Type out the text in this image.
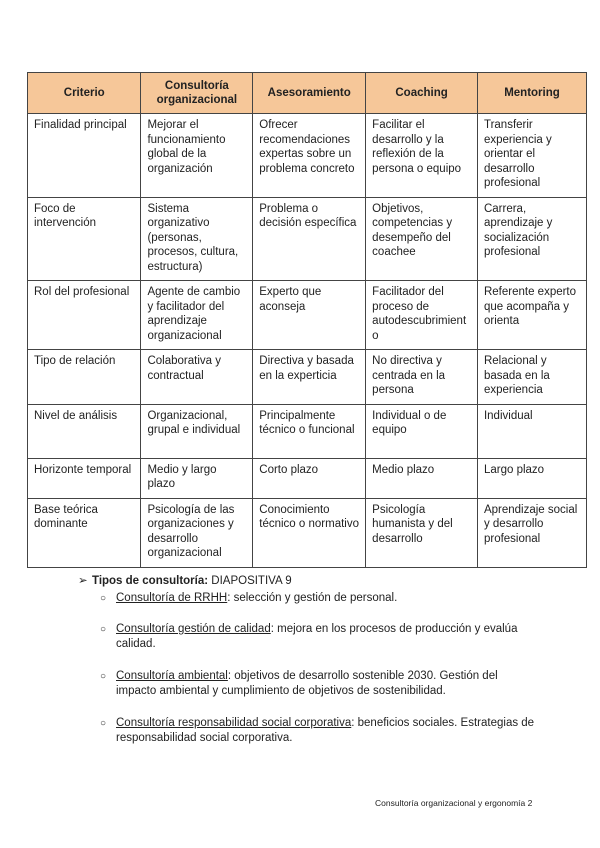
Criterio	Consultoría organizacional	Asesoramiento	Coaching	Mentoring
Finalidad principal	Mejorar el funcionamiento global de la organización	Ofrecer recomendaciones expertas sobre un problema concreto	Facilitar el desarrollo y la reflexión de la persona o equipo	Transferir experiencia y orientar el desarrollo profesional
Foco de intervención	Sistema organizativo (personas, procesos, cultura, estructura)	Problema o decisión específica	Objetivos, competencias y desempeño del coachee	Carrera, aprendizaje y socialización profesional
Rol del profesional	Agente de cambio y facilitador del aprendizaje organizacional	Experto que aconseja	Facilitador del proceso de autodescubrimiento	Referente experto que acompaña y orienta
Tipo de relación	Colaborativa y contractual	Directiva y basada en la experticia	No directiva y centrada en la persona	Relacional y basada en la experiencia
Nivel de análisis	Organizacional, grupal e individual	Principalmente técnico o funcional	Individual o de equipo	Individual
Horizonte temporal	Medio y largo plazo	Corto plazo	Medio plazo	Largo plazo
Base teórica dominante	Psicología de las organizaciones y desarrollo organizacional	Conocimiento técnico o normativo	Psicología humanista y del desarrollo	Aprendizaje social y desarrollo profesional
➢ Tipos de consultoría:
DIAPOSITIVA 9
○ Consultoría de RRHH: selección y gestión de personal.
○ Consultoría gestión de calidad: mejora en los procesos de producción y evalúa calidad.
○ Consultoría ambiental: objetivos de desarrollo sostenible 2030. Gestión del impacto ambiental y cumplimiento de objetivos de sostenibilidad.
○ Consultoría responsabilidad social corporativa: beneficios sociales. Estrategias de responsabilidad social corporativa.
Consultoría organizacional y ergonomía 2
